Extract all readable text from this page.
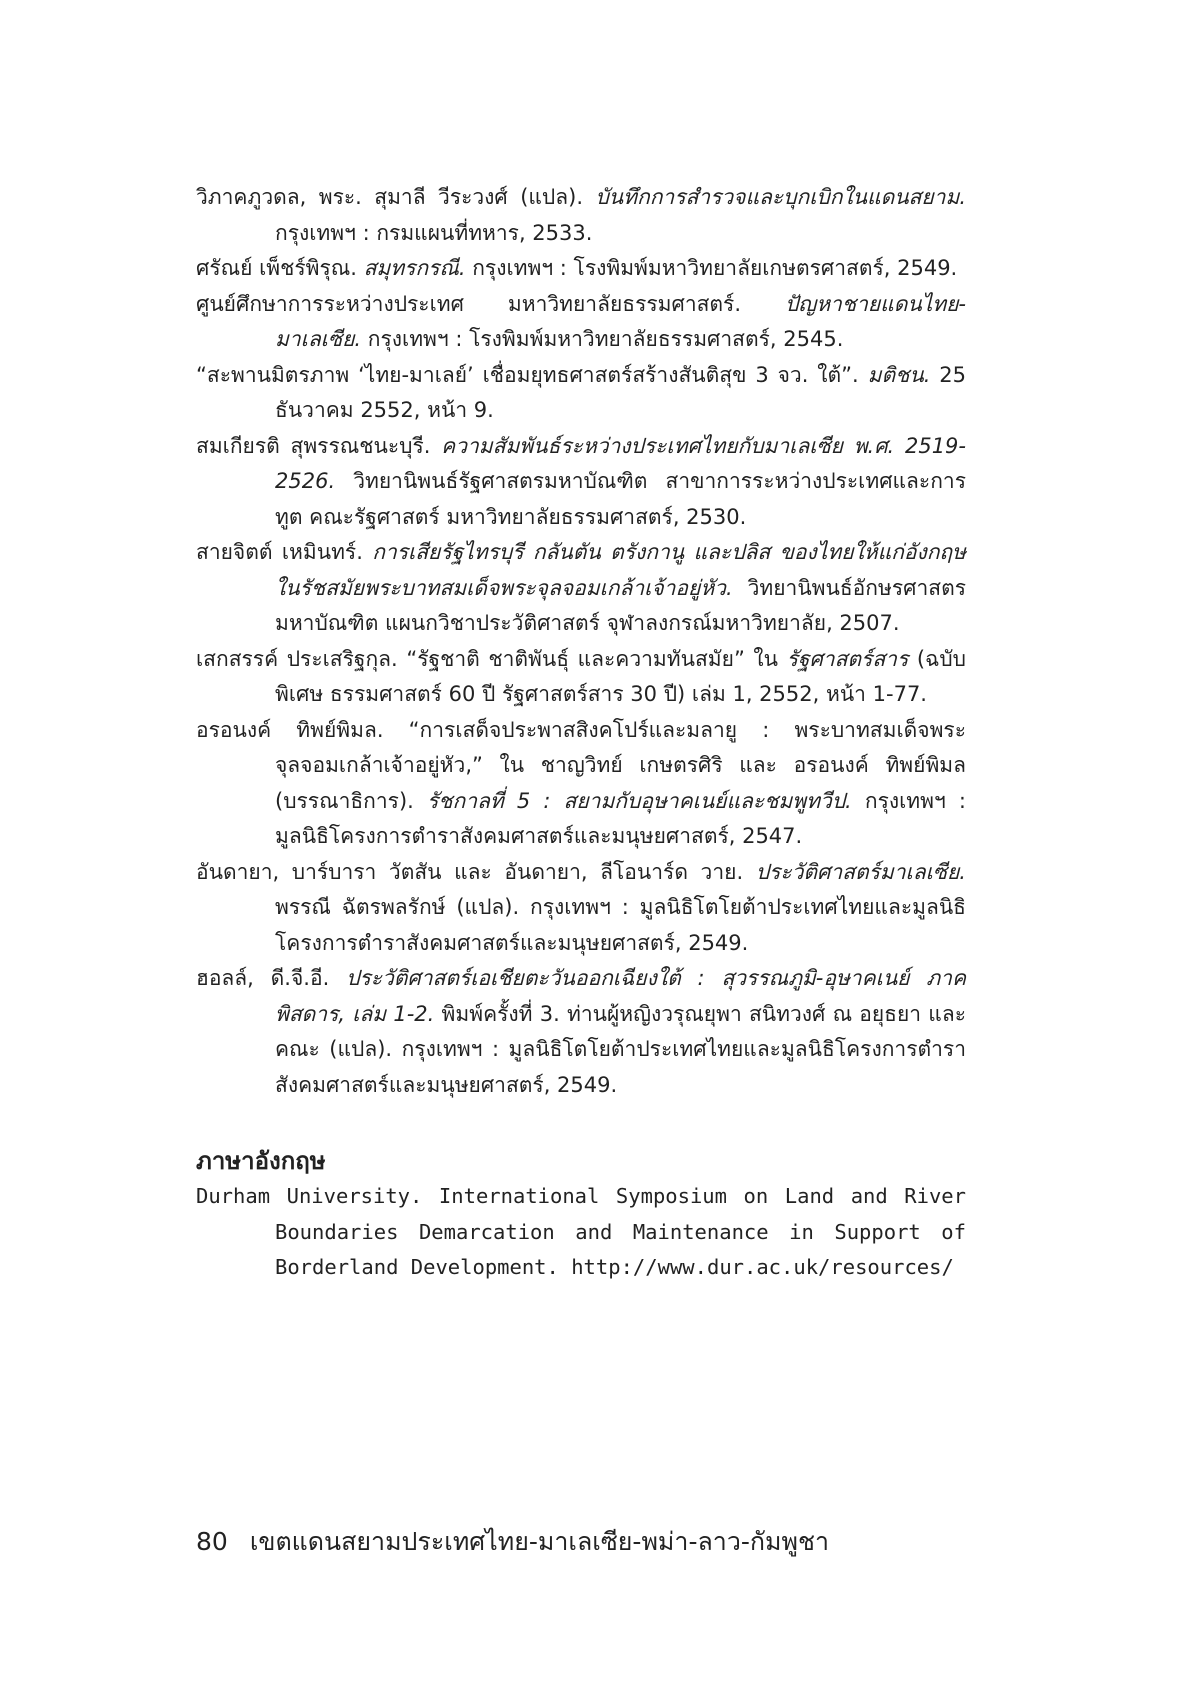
วิภาคภูวดล, พระ. สุมาลี วีระวงศ์ (แปล). บันทึกการสำรวจและบุกเบิกในแดนสยาม. กรุงเทพฯ : กรมแผนที่ทหาร, 2533.
ศรัณย์ เพ็ชร์พิรุณ. สมุทรกรณี. กรุงเทพฯ : โรงพิมพ์มหาวิทยาลัยเกษตรศาสตร์, 2549.
ศูนย์ศึกษาการระหว่างประเทศ มหาวิทยาลัยธรรมศาสตร์. ปัญหาชายแดนไทย-มาเลเซีย. กรุงเทพฯ : โรงพิมพ์มหาวิทยาลัยธรรมศาสตร์, 2545.
“สะพานมิตรภาพ ‘ไทย-มาเลย์’ เชื่อมยุทธศาสตร์สร้างสันติสุข 3 จว. ใต้”. มติชน. 25 ธันวาคม 2552, หน้า 9.
สมเกียรติ สุพรรณชนะบุรี. ความสัมพันธ์ระหว่างประเทศไทยกับมาเลเซีย พ.ศ. 2519-2526. วิทยานิพนธ์รัฐศาสตรมหาบัณฑิต สาขาการระหว่างประเทศและการทูต คณะรัฐศาสตร์ มหาวิทยาลัยธรรมศาสตร์, 2530.
สายจิตต์ เหมินทร์. การเสียรัฐไทรบุรี กลันตัน ตรังกานู และปลิส ของไทยให้แก่อังกฤษในรัชสมัยพระบาทสมเด็จพระจุลจอมเกล้าเจ้าอยู่หัว. วิทยานิพนธ์อักษรศาสตรมหาบัณฑิต แผนกวิชาประวัติศาสตร์ จุฬาลงกรณ์มหาวิทยาลัย, 2507.
เสกสรรค์ ประเสริฐกุล. “รัฐชาติ ชาติพันธุ์ และความทันสมัย” ใน รัฐศาสตร์สาร (ฉบับพิเศษ ธรรมศาสตร์ 60 ปี รัฐศาสตร์สาร 30 ปี) เล่ม 1, 2552, หน้า 1-77.
อรอนงค์ ทิพย์พิมล. “การเสด็จประพาสสิงคโปร์และมลายู : พระบาทสมเด็จพระจุลจอมเกล้าเจ้าอยู่หัว,” ใน ชาญวิทย์ เกษตรศิริ และ อรอนงค์ ทิพย์พิมล (บรรณาธิการ). รัชกาลที่ 5 : สยามกับอุษาคเนย์และชมพูทวีป. กรุงเทพฯ : มูลนิธิโครงการตำราสังคมศาสตร์และมนุษยศาสตร์, 2547.
อันดายา, บาร์บารา วัตสัน และ อันดายา, ลีโอนาร์ด วาย. ประวัติศาสตร์มาเลเซีย. พรรณี ฉัตรพลรักษ์ (แปล). กรุงเทพฯ : มูลนิธิโตโยต้าประเทศไทยและมูลนิธิโครงการตำราสังคมศาสตร์และมนุษยศาสตร์, 2549.
ฮอลล์, ดี.จี.อี. ประวัติศาสตร์เอเชียตะวันออกเฉียงใต้ : สุวรรณภูมิ-อุษาคเนย์ ภาคพิสดาร, เล่ม 1-2. พิมพ์ครั้งที่ 3. ท่านผู้หญิงวรุณยุพา สนิทวงศ์ ณ อยุธยา และคณะ (แปล). กรุงเทพฯ : มูลนิธิโตโยต้าประเทศไทยและมูลนิธิโครงการตำราสังคมศาสตร์และมนุษยศาสตร์, 2549.
ภาษาอังกฤษ
Durham University. International Symposium on Land and River Boundaries Demarcation and Maintenance in Support of Borderland Development. http://www.dur.ac.uk/resources/
80 เขตแดนสยามประเทศไทย-มาเลเซีย-พม่า-ลาว-กัมพูชา
